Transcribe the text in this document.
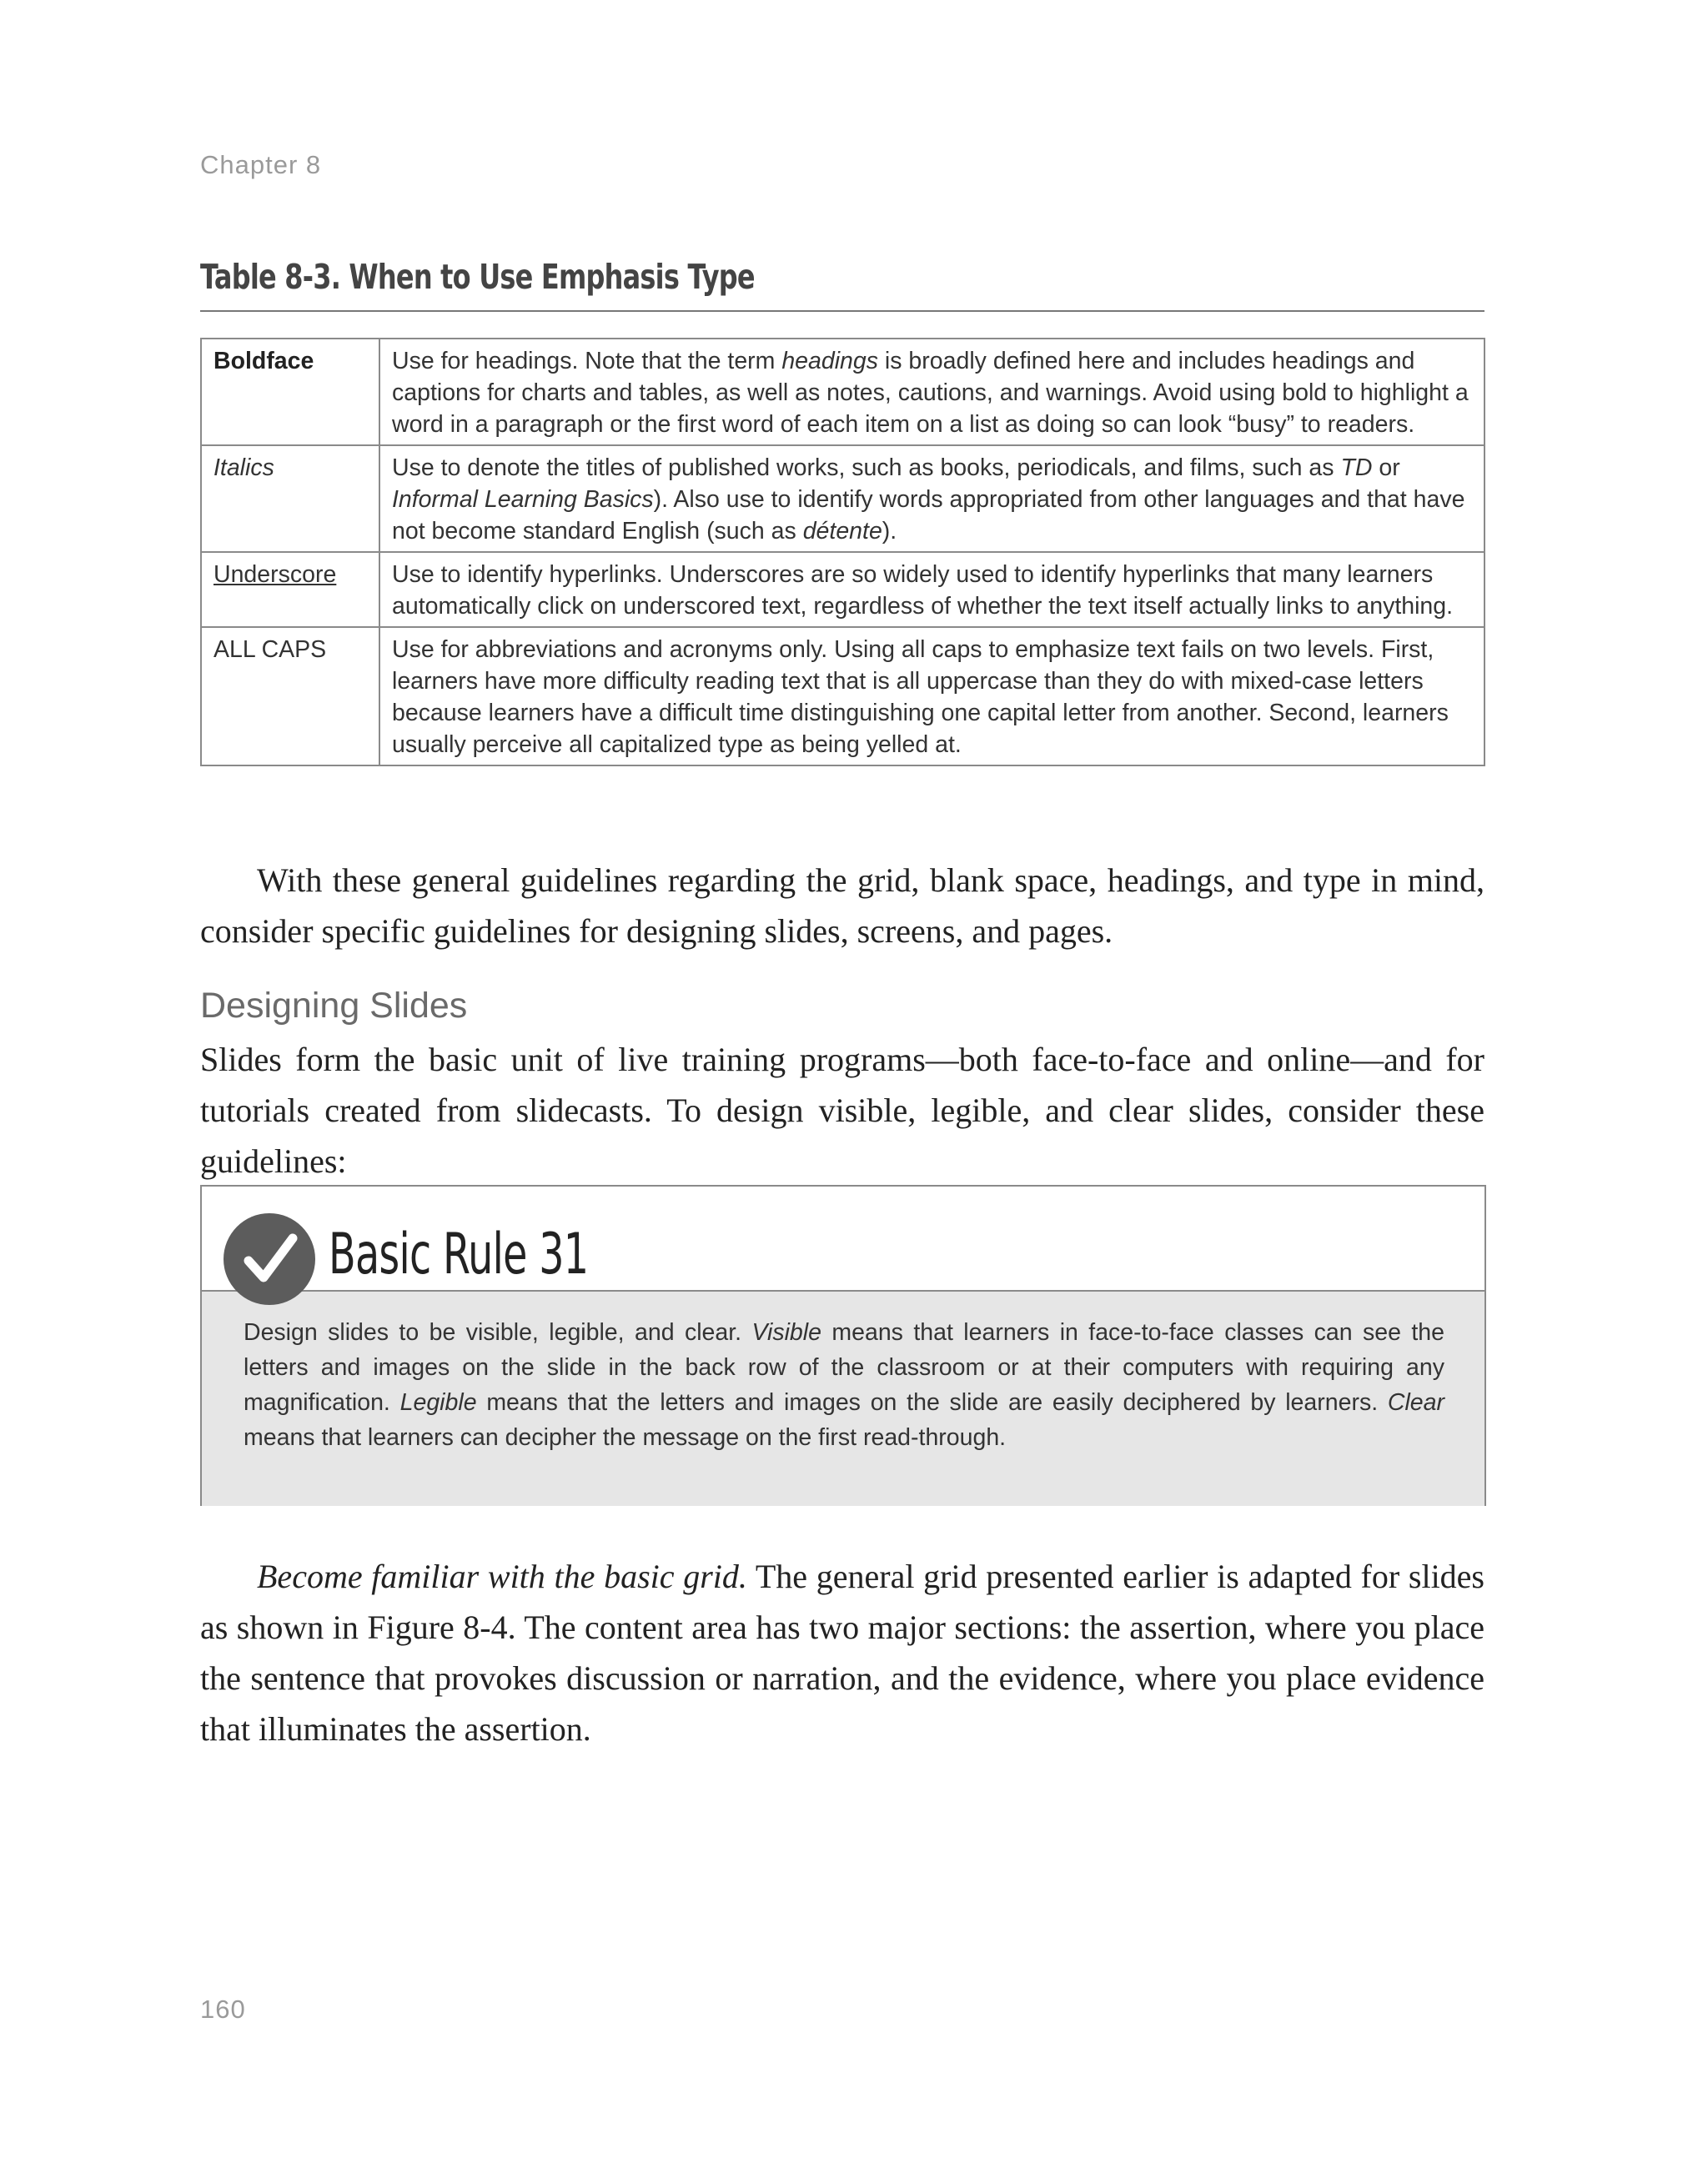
Chapter 8
Table 8-3. When to Use Emphasis Type
Boldface	Use for headings. Note that the term headings is broadly defined here and includes headings and captions for charts and tables, as well as notes, cautions, and warnings. Avoid using bold to highlight a word in a paragraph or the first word of each item on a list as doing so can look “busy” to readers.
Italics	Use to denote the titles of published works, such as books, periodicals, and films, such as TD or Informal Learning Basics). Also use to identify words appropriated from other languages and that have not become standard English (such as détente).
Underscore	Use to identify hyperlinks. Underscores are so widely used to identify hyperlinks that many learners automatically click on underscored text, regardless of whether the text itself actually links to anything.
ALL CAPS	Use for abbreviations and acronyms only. Using all caps to emphasize text fails on two levels. First, learners have more difficulty reading text that is all uppercase than they do with mixed-case letters because learners have a difficult time distinguishing one capital letter from another. Second, learners usually perceive all capitalized type as being yelled at.

With these general guidelines regarding the grid, blank space, headings, and type in mind, consider specific guidelines for designing slides, screens, and pages.

Designing Slides

Slides form the basic unit of live training programs—both face-to-face and online—and for tutorials created from slidecasts. To design visible, legible, and clear slides, consider these guidelines:

Basic Rule 31
Design slides to be visible, legible, and clear. Visible means that learners in face-to-face classes can see the letters and images on the slide in the back row of the classroom or at their computers with requiring any magnification. Legible means that the letters and images on the slide are easily deciphered by learners. Clear means that learners can decipher the message on the first read-through.

Become familiar with the basic grid. The general grid presented earlier is adapted for slides as shown in Figure 8-4. The content area has two major sections: the assertion, where you place the sentence that provokes discussion or narration, and the evidence, where you place evidence that illuminates the assertion.

160
